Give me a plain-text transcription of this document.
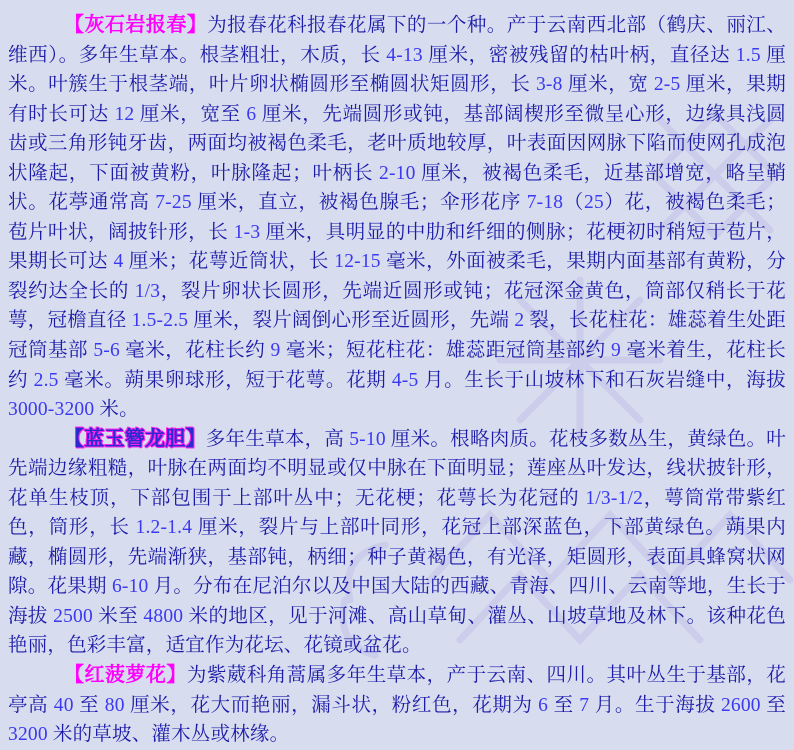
【灰石岩报春】为报春花科报春花属下的一个种。产于云南西北部（鹤庆、丽江、维西）。多年生草本。根茎粗壮，木质，长 4-13 厘米，密被残留的枯叶柄，直径达 1.5 厘米。叶簇生于根茎端，叶片卵状椭圆形至椭圆状矩圆形，长 3-8 厘米，宽 2-5 厘米，果期有时长可达 12 厘米，宽至 6 厘米，先端圆形或钝，基部阔楔形至微呈心形，边缘具浅圆齿或三角形钝牙齿，两面均被褐色柔毛，老叶质地较厚，叶表面因网脉下陷而使网孔成泡状隆起，下面被黄粉，叶脉隆起；叶柄长 2-10 厘米，被褐色柔毛，近基部增宽，略呈鞘状。花葶通常高 7-25 厘米，直立，被褐色腺毛；伞形花序 7-18（25）花，被褐色柔毛；苞片叶状，阔披针形，长 1-3 厘米，具明显的中肋和纤细的侧脉；花梗初时稍短于苞片，果期长可达 4 厘米；花萼近筒状，长 12-15 毫米，外面被柔毛，果期内面基部有黄粉，分裂约达全长的 1/3，裂片卵状长圆形，先端近圆形或钝；花冠深金黄色，筒部仅稍长于花萼，冠檐直径 1.5-2.5 厘米，裂片阔倒心形至近圆形，先端 2 裂，长花柱花：雄蕊着生处距冠筒基部 5-6 毫米，花柱长约 9 毫米；短花柱花：雄蕊距冠筒基部约 9 毫米着生，花柱长约 2.5 毫米。蒴果卵球形，短于花萼。花期 4-5 月。生长于山坡林下和石灰岩缝中，海拔 3000-3200 米。

【蓝玉簪龙胆】多年生草本，高 5-10 厘米。根略肉质。花枝多数丛生，黄绿色。叶先端边缘粗糙，叶脉在两面均不明显或仅中脉在下面明显；莲座丛叶发达，线状披针形，花单生枝顶，下部包围于上部叶丛中；无花梗；花萼长为花冠的 1/3-1/2，萼筒常带紫红色，筒形，长 1.2-1.4 厘米，裂片与上部叶同形，花冠上部深蓝色，下部黄绿色。蒴果内藏，椭圆形，先端渐狭，基部钝，柄细；种子黄褐色，有光泽，矩圆形，表面具蜂窝状网隙。花果期 6-10 月。分布在尼泊尔以及中国大陆的西藏、青海、四川、云南等地，生长于海拔 2500 米至 4800 米的地区，见于河滩、高山草甸、灌丛、山坡草地及林下。该种花色艳丽，色彩丰富，适宜作为花坛、花镜或盆花。

【红菠萝花】为紫葳科角蒿属多年生草本，产于云南、四川。其叶丛生于基部，花亭高 40 至 80 厘米，花大而艳丽，漏斗状，粉红色，花期为 6 至 7 月。生于海拔 2600 至 3200 米的草坡、灌木丛或林缘。
